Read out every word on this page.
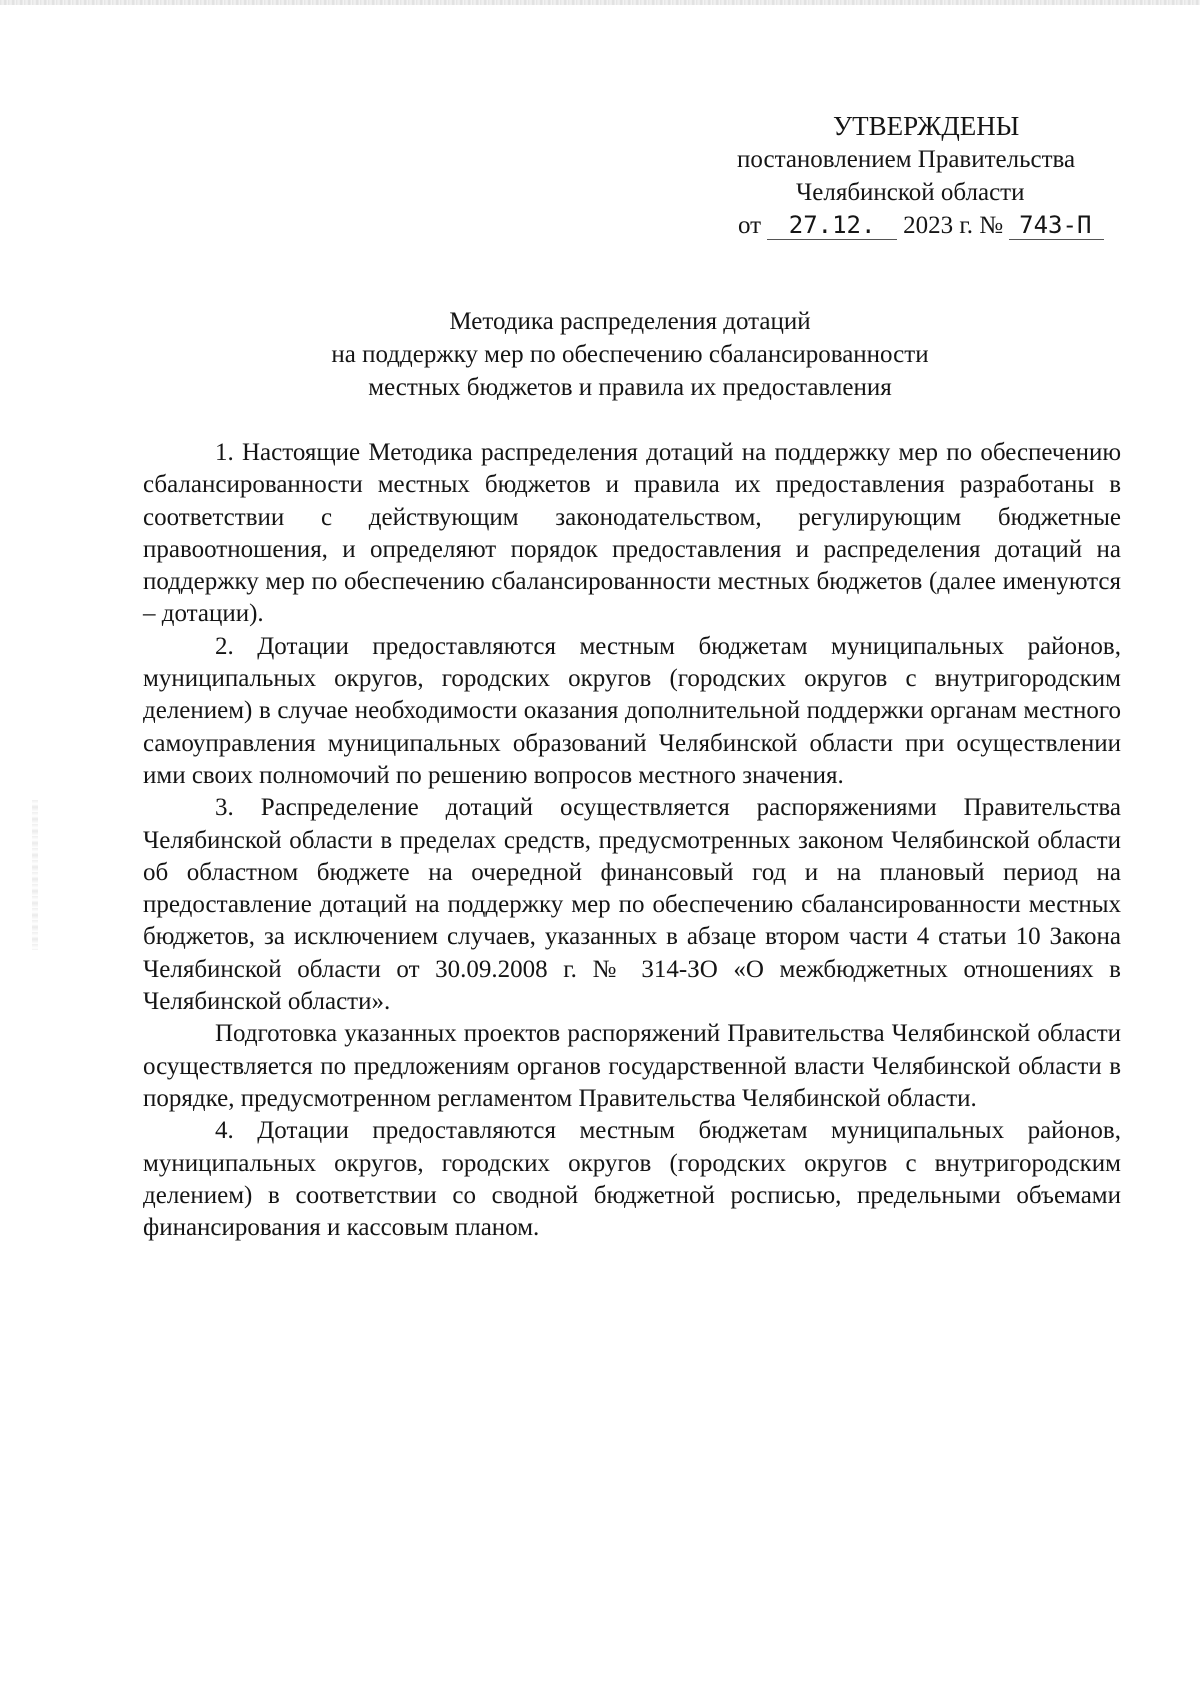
УТВЕРЖДЕНЫ
постановлением Правительства
Челябинской области
от 27.12. 2023 г. № 743-П
Методика распределения дотаций
на поддержку мер по обеспечению сбалансированности
местных бюджетов и правила их предоставления

1. Настоящие Методика распределения дотаций на поддержку мер по обеспечению сбалансированности местных бюджетов и правила их предоставления разработаны в соответствии с действующим законодательством, регулирующим бюджетные правоотношения, и определяют порядок предоставления и распределения дотаций на поддержку мер по обеспечению сбалансированности местных бюджетов (далее именуются – дотации).

2. Дотации предоставляются местным бюджетам муниципальных районов, муниципальных округов, городских округов (городских округов с внутригородским делением) в случае необходимости оказания дополнительной поддержки органам местного самоуправления муниципальных образований Челябинской области при осуществлении ими своих полномочий по решению вопросов местного значения.

3. Распределение дотаций осуществляется распоряжениями Правительства Челябинской области в пределах средств, предусмотренных законом Челябинской области об областном бюджете на очередной финансовый год и на плановый период на предоставление дотаций на поддержку мер по обеспечению сбалансированности местных бюджетов, за исключением случаев, указанных в абзаце втором части 4 статьи 10 Закона Челябинской области от 30.09.2008 г. № 314-ЗО «О межбюджетных отношениях в Челябинской области».

Подготовка указанных проектов распоряжений Правительства Челябинской области осуществляется по предложениям органов государственной власти Челябинской области в порядке, предусмотренном регламентом Правительства Челябинской области.

4. Дотации предоставляются местным бюджетам муниципальных районов, муниципальных округов, городских округов (городских округов с внутригородским делением) в соответствии со сводной бюджетной росписью, предельными объемами финансирования и кассовым планом.
